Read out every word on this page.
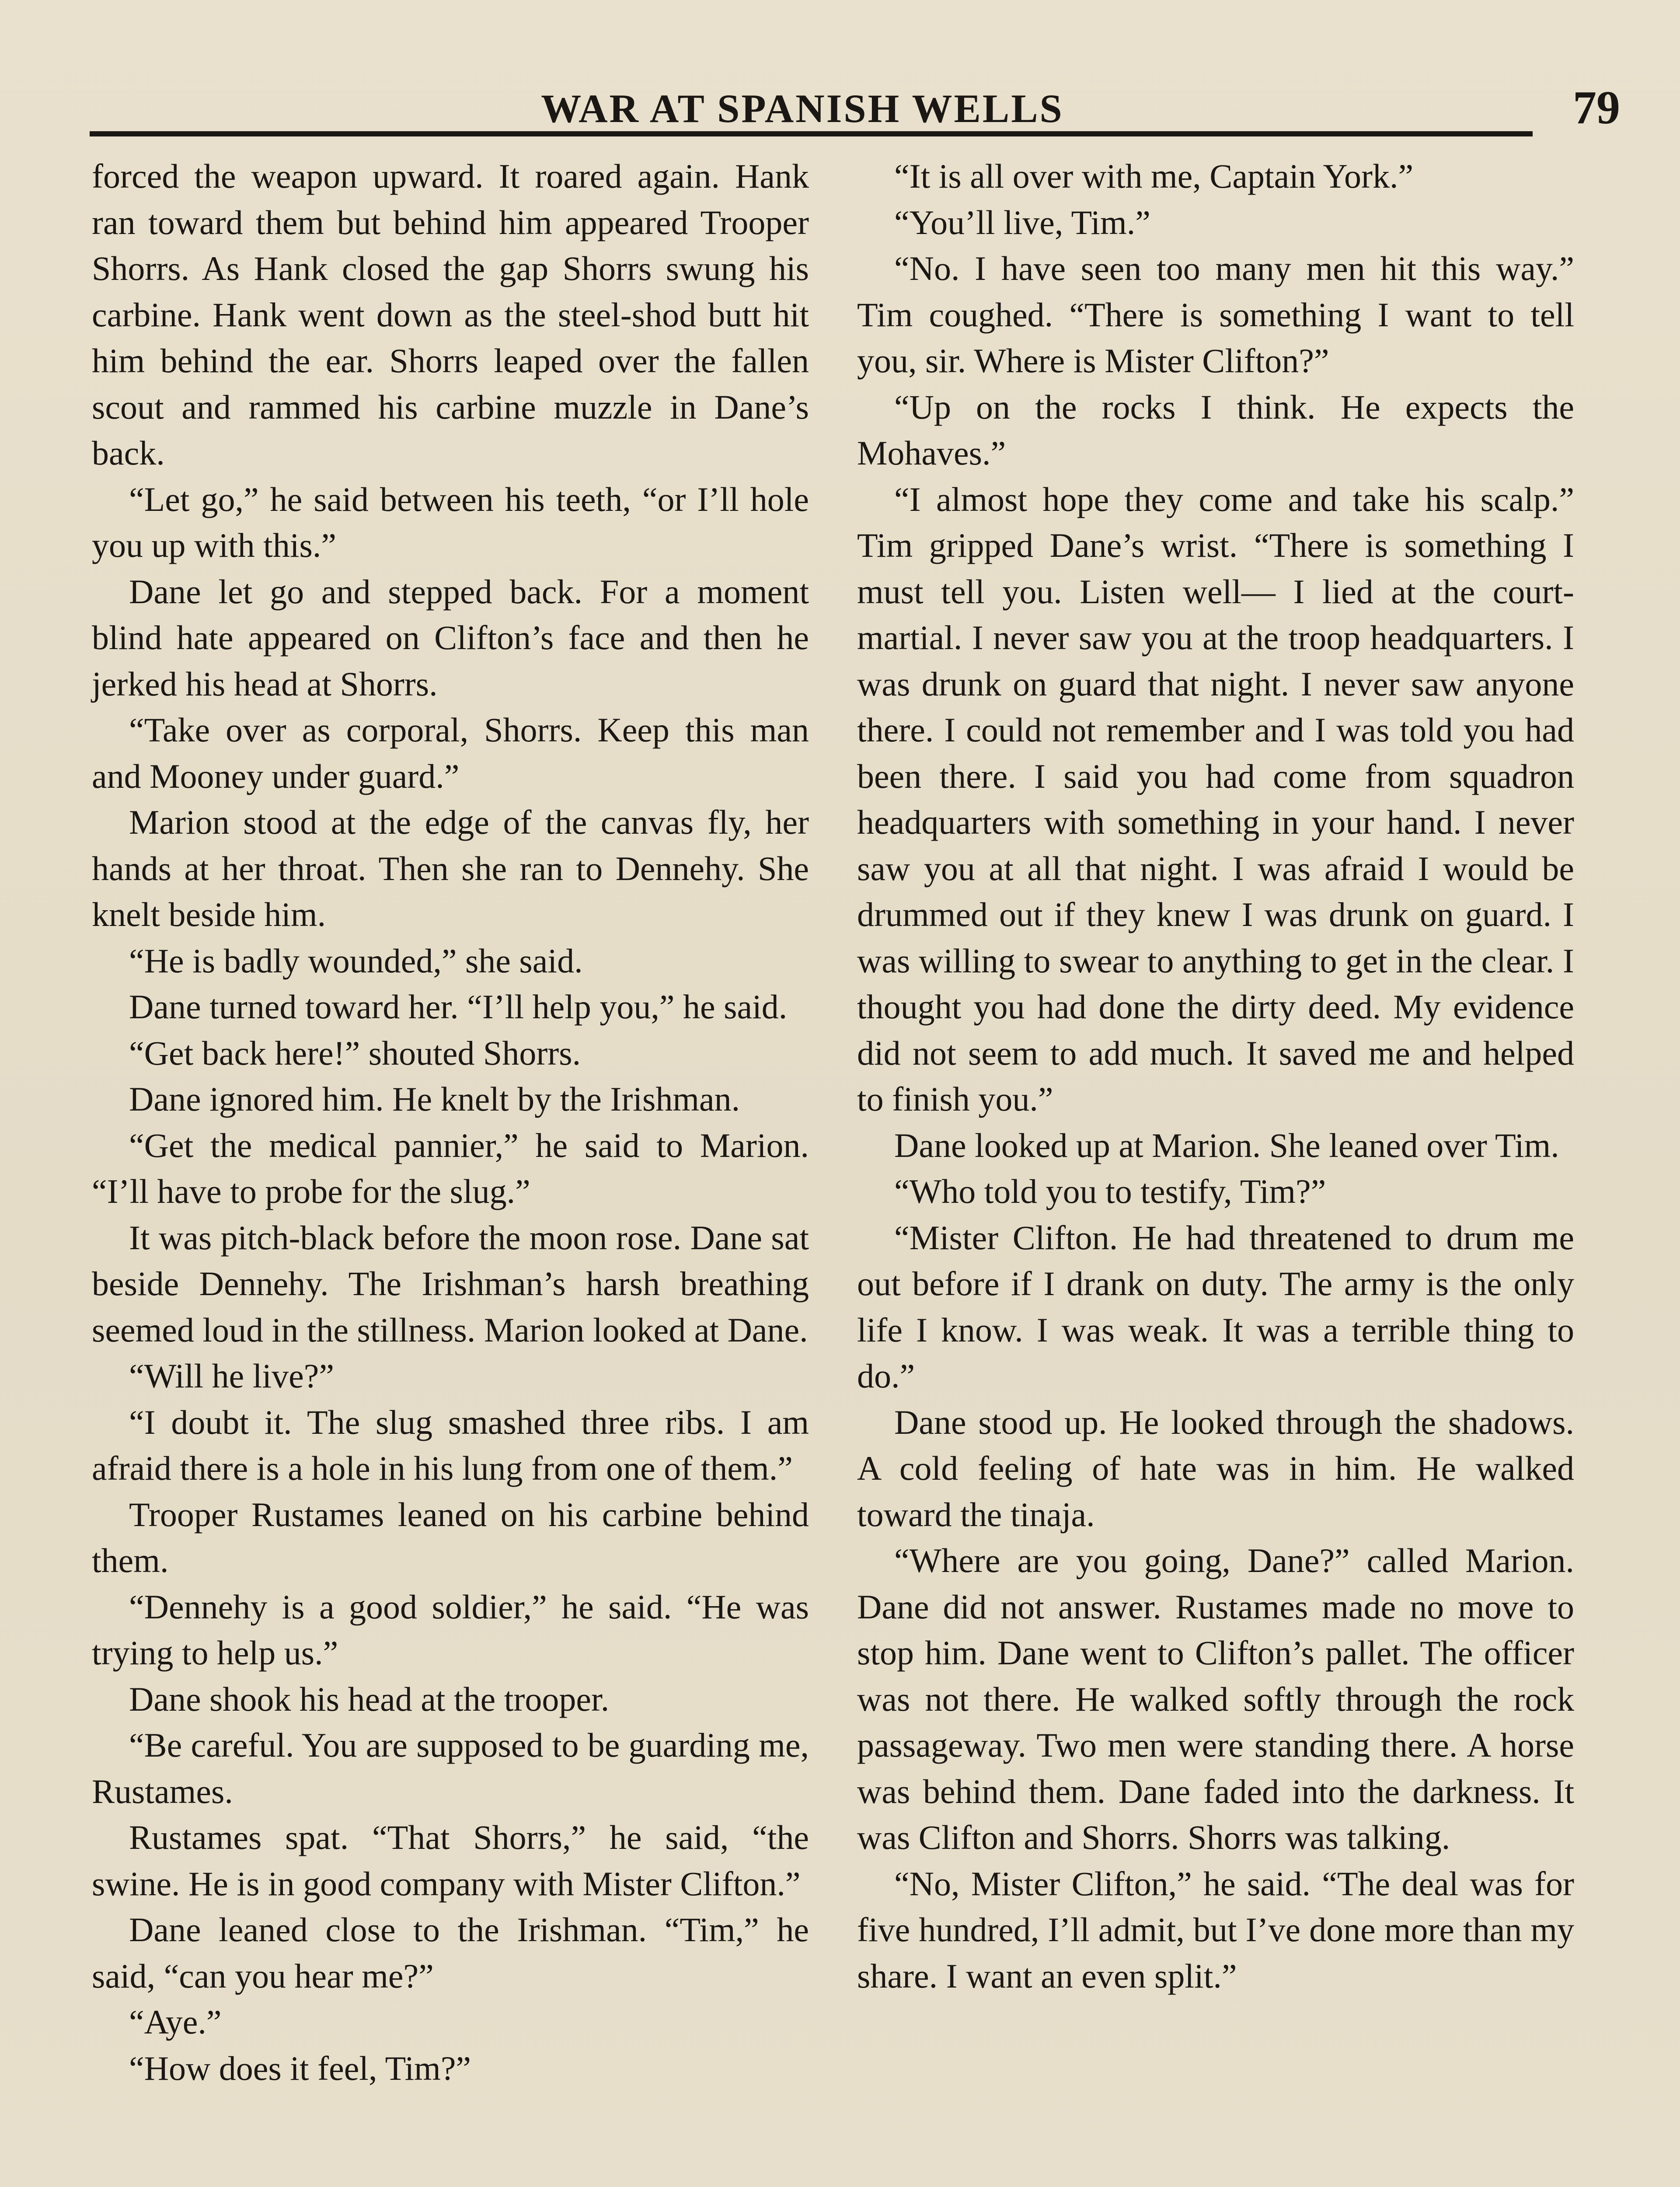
WAR AT SPANISH WELLS	79

forced the weapon upward. It roared again. Hank ran toward them but behind him appeared Trooper Shorrs. As Hank closed the gap Shorrs swung his carbine. Hank went down as the steel-shod butt hit him behind the ear. Shorrs leaped over the fallen scout and rammed his carbine muzzle in Dane’s back.

“Let go,” he said between his teeth, “or I’ll hole you up with this.”

Dane let go and stepped back. For a moment blind hate appeared on Clifton’s face and then he jerked his head at Shorrs.

“Take over as corporal, Shorrs. Keep this man and Mooney under guard.”

Marion stood at the edge of the canvas fly, her hands at her throat. Then she ran to Dennehy. She knelt beside him.

“He is badly wounded,” she said.

Dane turned toward her. “I’ll help you,” he said.

“Get back here!” shouted Shorrs.

Dane ignored him. He knelt by the Irishman.

“Get the medical pannier,” he said to Marion. “I’ll have to probe for the slug.”

It was pitch-black before the moon rose. Dane sat beside Dennehy. The Irishman’s harsh breathing seemed loud in the stillness. Marion looked at Dane.

“Will he live?”

“I doubt it. The slug smashed three ribs. I am afraid there is a hole in his lung from one of them.”

Trooper Rustames leaned on his carbine behind them.

“Dennehy is a good soldier,” he said. “He was trying to help us.”

Dane shook his head at the trooper.

“Be careful. You are supposed to be guarding me, Rustames.

Rustames spat. “That Shorrs,” he said, “the swine. He is in good company with Mister Clifton.”

Dane leaned close to the Irishman. “Tim,” he said, “can you hear me?”

“Aye.”

“How does it feel, Tim?”

“It is all over with me, Captain York.”

“You’ll live, Tim.”

“No. I have seen too many men hit this way.” Tim coughed. “There is something I want to tell you, sir. Where is Mister Clifton?”

“Up on the rocks I think. He expects the Mohaves.”

“I almost hope they come and take his scalp.” Tim gripped Dane’s wrist. “There is something I must tell you. Listen well— I lied at the court-martial. I never saw you at the troop headquarters. I was drunk on guard that night. I never saw anyone there. I could not remember and I was told you had been there. I said you had come from squadron headquarters with something in your hand. I never saw you at all that night. I was afraid I would be drummed out if they knew I was drunk on guard. I was willing to swear to anything to get in the clear. I thought you had done the dirty deed. My evidence did not seem to add much. It saved me and helped to finish you.”

Dane looked up at Marion. She leaned over Tim.

“Who told you to testify, Tim?”

“Mister Clifton. He had threatened to drum me out before if I drank on duty. The army is the only life I know. I was weak. It was a terrible thing to do.”

Dane stood up. He looked through the shadows. A cold feeling of hate was in him. He walked toward the tinaja.

“Where are you going, Dane?” called Marion. Dane did not answer. Rustames made no move to stop him. Dane went to Clifton’s pallet. The officer was not there. He walked softly through the rock passageway. Two men were standing there. A horse was behind them. Dane faded into the darkness. It was Clifton and Shorrs. Shorrs was talking.

“No, Mister Clifton,” he said. “The deal was for five hundred, I’ll admit, but I’ve done more than my share. I want an even split.”
